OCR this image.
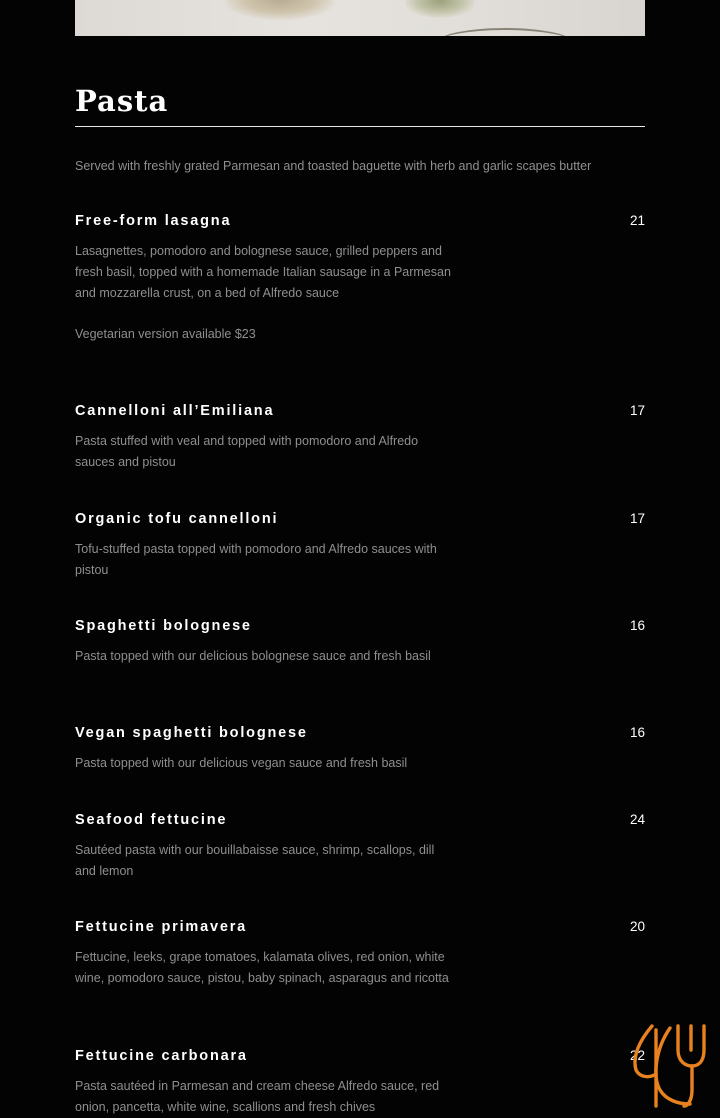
Pasta
Served with freshly grated Parmesan and toasted baguette with herb and garlic scapes butter
Free-form lasagna	21
Lasagnettes, pomodoro and bolognese sauce, grilled peppers and fresh basil, topped with a homemade Italian sausage in a Parmesan and mozzarella crust, on a bed of Alfredo sauce
Vegetarian version available $23
Cannelloni all’Emiliana	17
Pasta stuffed with veal and topped with pomodoro and Alfredo sauces and pistou
Organic tofu cannelloni	17
Tofu-stuffed pasta topped with pomodoro and Alfredo sauces with pistou
Spaghetti bolognese	16
Pasta topped with our delicious bolognese sauce and fresh basil
Vegan spaghetti bolognese	16
Pasta topped with our delicious vegan sauce and fresh basil
Seafood fettucine	24
Sautéed pasta with our bouillabaisse sauce, shrimp, scallops, dill and lemon
Fettucine primavera	20
Fettucine, leeks, grape tomatoes, kalamata olives, red onion, white wine, pomodoro sauce, pistou, baby spinach, asparagus and ricotta
Fettucine carbonara	22
Pasta sautéed in Parmesan and cream cheese Alfredo sauce, red onion, pancetta, white wine, scallions and fresh chives
